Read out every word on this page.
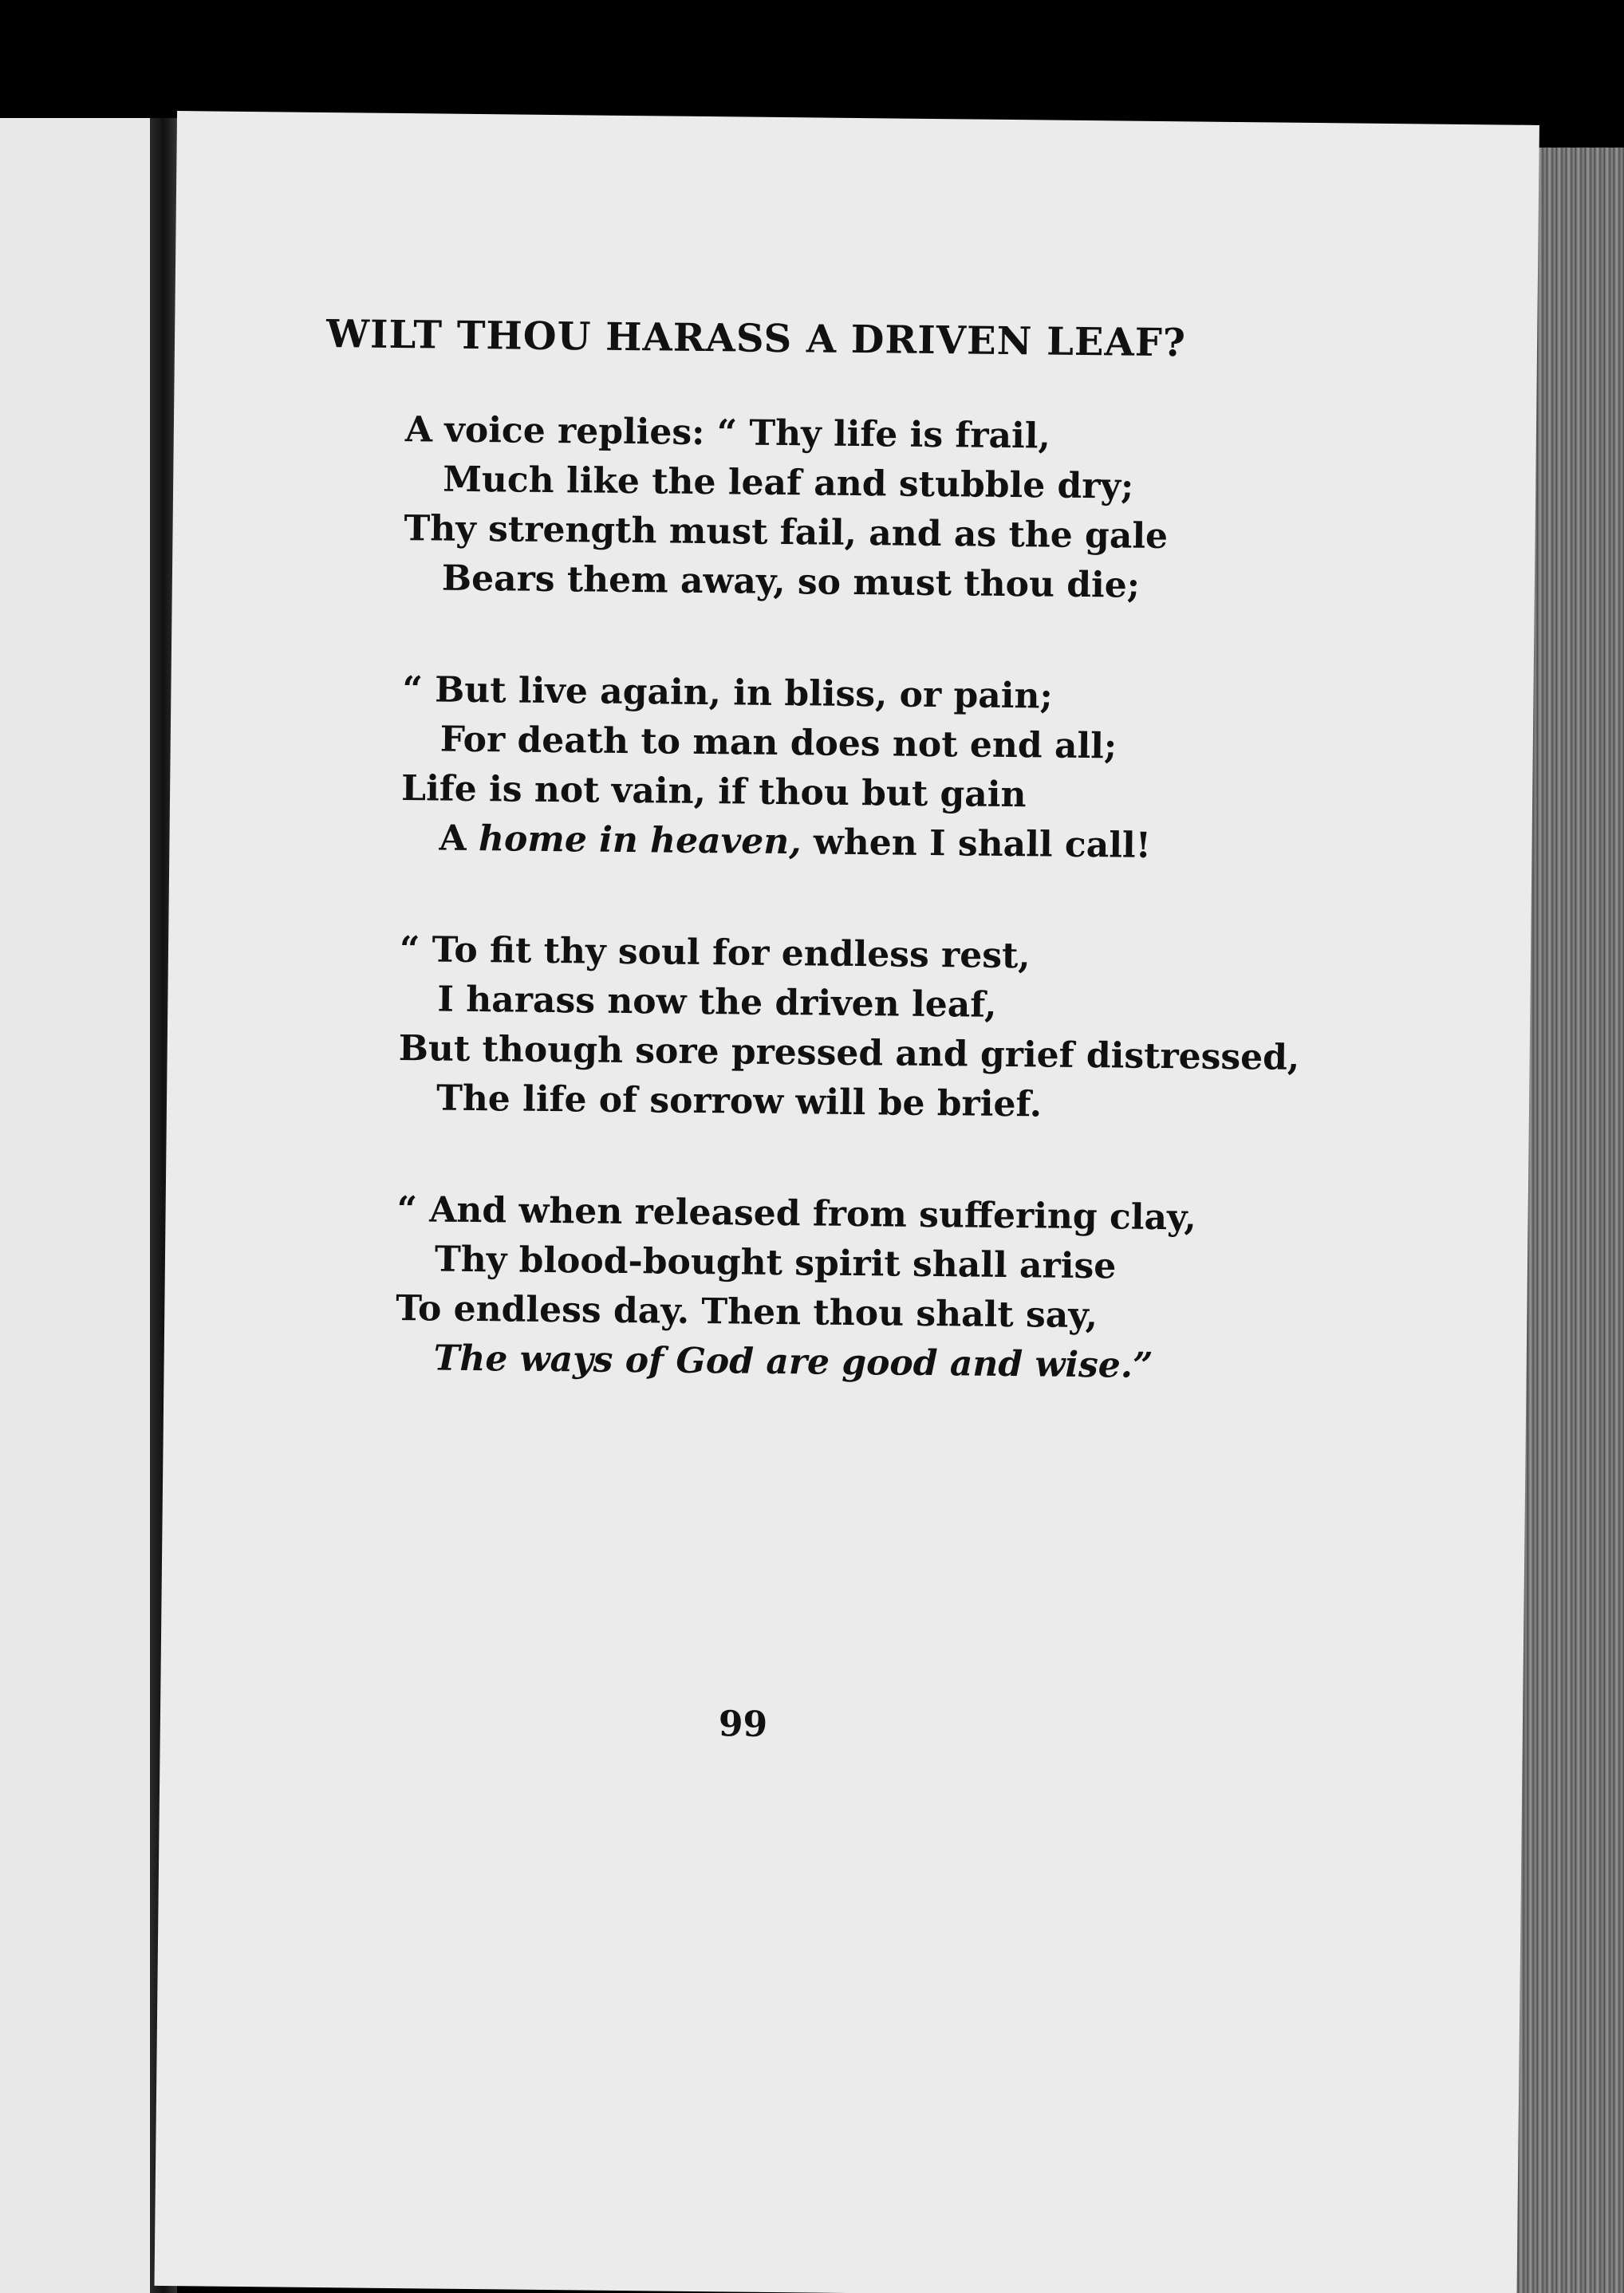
WILT THOU HARASS A DRIVEN LEAF?
A voice replies: “ Thy life is frail,
Much like the leaf and stubble dry;
Thy strength must fail, and as the gale
Bears them away, so must thou die;
“ But live again, in bliss, or pain;
For death to man does not end all;
Life is not vain, if thou but gain
A home in heaven, when I shall call!
“ To fit thy soul for endless rest,
I harass now the driven leaf,
But though sore pressed and grief distressed,
The life of sorrow will be brief.
“ And when released from suffering clay,
Thy blood-bought spirit shall arise
To endless day. Then thou shalt say,
The ways of God are good and wise.”
99
